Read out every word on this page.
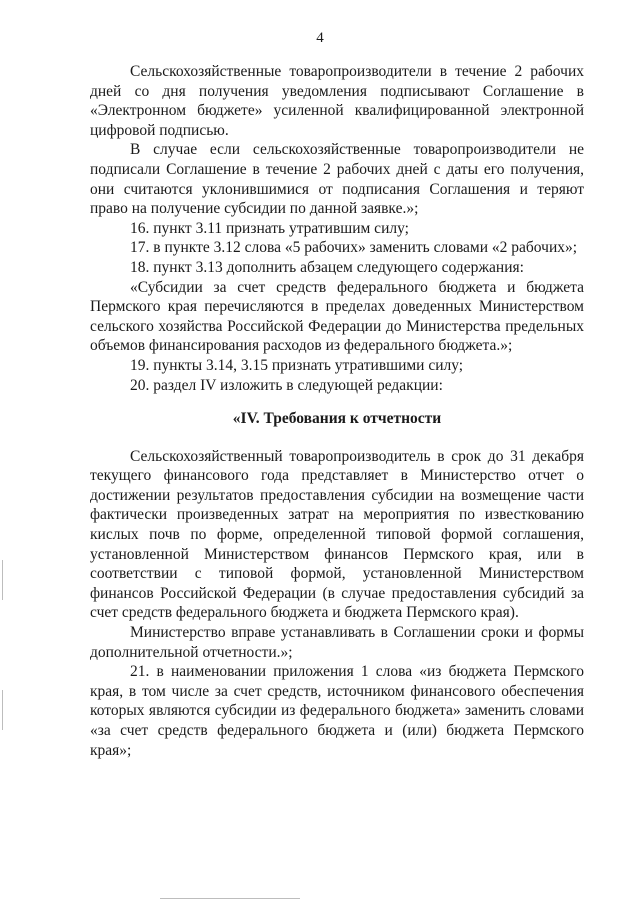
4

Сельскохозяйственные товаропроизводители в течение 2 рабочих дней со дня получения уведомления подписывают Соглашение в «Электронном бюджете» усиленной квалифицированной электронной цифровой подписью.

В случае если сельскохозяйственные товаропроизводители не подписали Соглашение в течение 2 рабочих дней с даты его получения, они считаются уклонившимися от подписания Соглашения и теряют право на получение субсидии по данной заявке.»;

16. пункт 3.11 признать утратившим силу;

17. в пункте 3.12 слова «5 рабочих» заменить словами «2 рабочих»;

18. пункт 3.13 дополнить абзацем следующего содержания:

«Субсидии за счет средств федерального бюджета и бюджета Пермского края перечисляются в пределах доведенных Министерством сельского хозяйства Российской Федерации до Министерства предельных объемов финансирования расходов из федерального бюджета.»;

19. пункты 3.14, 3.15 признать утратившими силу;

20. раздел IV изложить в следующей редакции:

«IV. Требования к отчетности

Сельскохозяйственный товаропроизводитель в срок до 31 декабря текущего финансового года представляет в Министерство отчет о достижении результатов предоставления субсидии на возмещение части фактически произведенных затрат на мероприятия по известкованию кислых почв по форме, определенной типовой формой соглашения, установленной Министерством финансов Пермского края, или в соответствии с типовой формой, установленной Министерством финансов Российской Федерации (в случае предоставления субсидий за счет средств федерального бюджета и бюджета Пермского края).

Министерство вправе устанавливать в Соглашении сроки и формы дополнительной отчетности.»;

21. в наименовании приложения 1 слова «из бюджета Пермского края, в том числе за счет средств, источником финансового обеспечения которых являются субсидии из федерального бюджета» заменить словами «за счет средств федерального бюджета и (или) бюджета Пермского края»;
